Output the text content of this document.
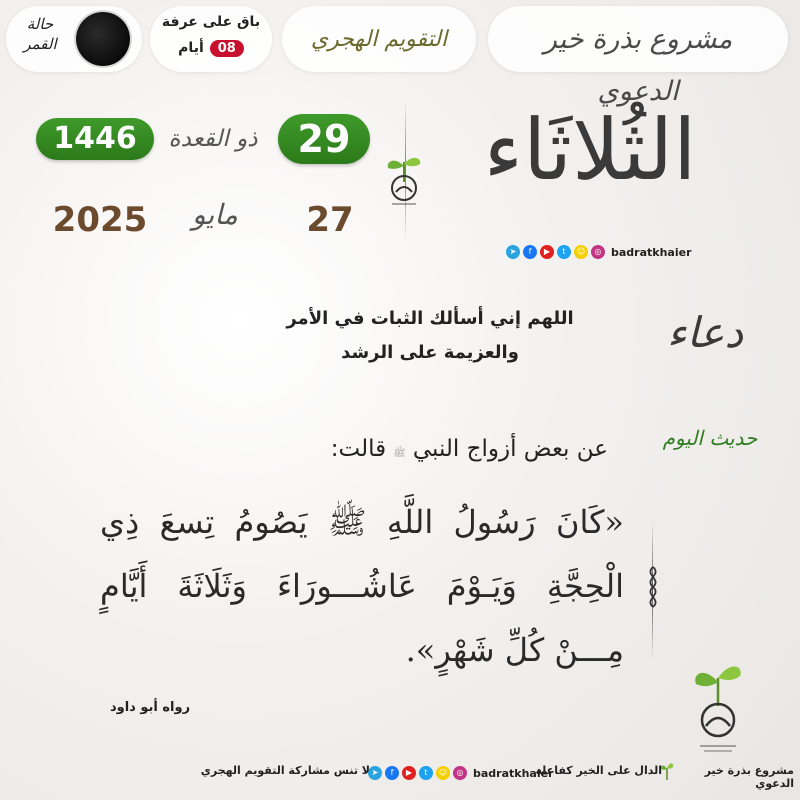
مشروع بذرة خير الدعوي
التقويم الهجري
باق على عرفة
08
أيام
حالة
القمر
الثُلاثَاء
29
ذو القعدة
1446
27
مايو
2025
➤	f	▶	t	☺	◎ badratkhaier
دعاء
اللهم إني أسألك الثبات في الأمر
والعزيمة على الرشد
حديث اليوم
عن بعض أزواج النبي ﷺ قالت:
«كَانَ رَسُولُ اللَّهِ ﷺ يَصُومُ تِسعَ ذِي الْحِجَّةِ وَيَـوْمَ عَاشُـــورَاءَ وَثَلَاثَةَ أَيَّامٍ مِـــنْ كُلِّ شَهْرٍ».
رواه أبو داود
مشروع بذرة خير الدعوي
الدال على الخير كفاعله
➤	f	▶	t	☺	◎ badratkhaier
لا تنس مشاركة التقويم الهجري
